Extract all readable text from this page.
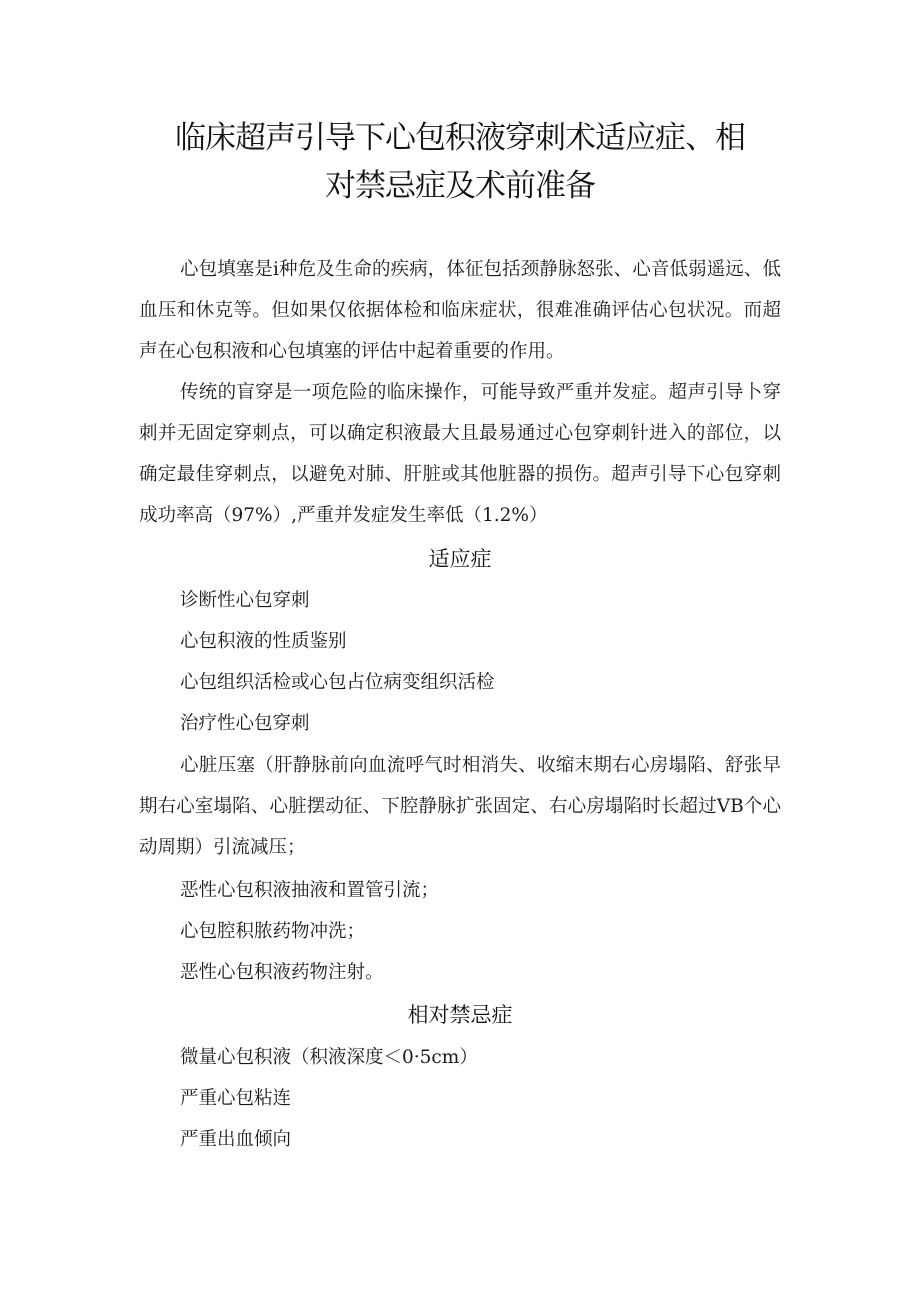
临床超声引导下心包积液穿刺术适应症、相
对禁忌症及术前准备

心包填塞是i种危及生命的疾病，体征包括颈静脉怒张、心音低弱遥远、低血压和休克等。但如果仅依据体检和临床症状，很难准确评估心包状况。而超声在心包积液和心包填塞的评估中起着重要的作用。

传统的盲穿是一项危险的临床操作，可能导致严重并发症。超声引导卜穿刺并无固定穿刺点，可以确定积液最大且最易通过心包穿刺针进入的部位，以确定最佳穿刺点，以避免对肺、肝脏或其他脏器的损伤。超声引导下心包穿刺成功率高（97%）,严重并发症发生率低（1.2%）

适应症

诊断性心包穿刺

心包积液的性质鉴别

心包组织活检或心包占位病变组织活检

治疗性心包穿刺

心脏压塞（肝静脉前向血流呼气时相消失、收缩末期右心房塌陷、舒张早期右心室塌陷、心脏摆动征、下腔静脉扩张固定、右心房塌陷时长超过VB个心动周期）引流减压；

恶性心包积液抽液和置管引流；

心包腔积脓药物冲洗；

恶性心包积液药物注射。

相对禁忌症

微量心包积液（积液深度＜0·5cm）

严重心包粘连

严重出血倾向
